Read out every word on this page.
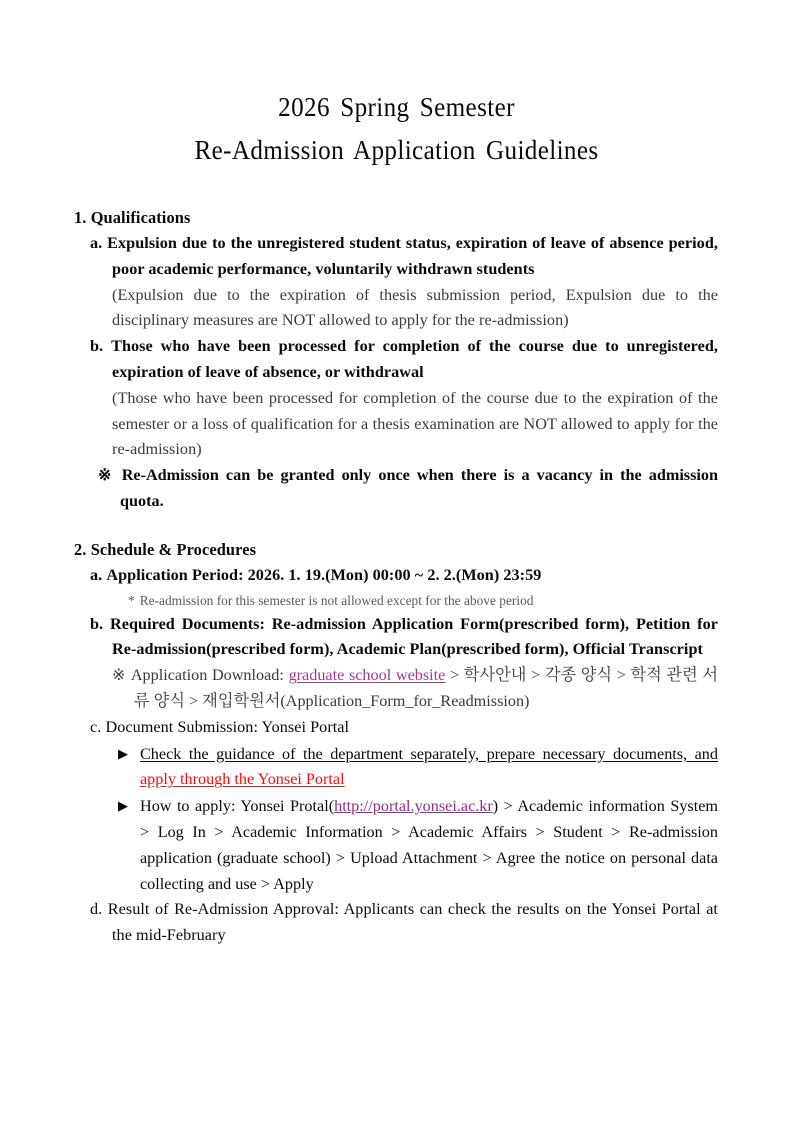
2026 Spring Semester
Re-Admission Application Guidelines
1. Qualifications
a. Expulsion due to the unregistered student status, expiration of leave of absence period, poor academic performance, voluntarily withdrawn students
(Expulsion due to the expiration of thesis submission period, Expulsion due to the disciplinary measures are NOT allowed to apply for the re-admission)
b. Those who have been processed for completion of the course due to unregistered, expiration of leave of absence, or withdrawal
(Those who have been processed for completion of the course due to the expiration of the semester or a loss of qualification for a thesis examination are NOT allowed to apply for the re-admission)
※ Re-Admission can be granted only once when there is a vacancy in the admission quota.
2. Schedule & Procedures
a. Application Period: 2026. 1. 19.(Mon) 00:00 ~ 2. 2.(Mon) 23:59
* Re-admission for this semester is not allowed except for the above period
b. Required Documents: Re-admission Application Form(prescribed form), Petition for Re-admission(prescribed form), Academic Plan(prescribed form), Official Transcript
※ Application Download: graduate school website > 학사안내 > 각종 양식 > 학적 관련 서류 양식 > 재입학원서(Application_Form_for_Readmission)
c. Document Submission: Yonsei Portal
▶ Check the guidance of the department separately, prepare necessary documents, and apply through the Yonsei Portal
▶ How to apply: Yonsei Protal(http://portal.yonsei.ac.kr) > Academic information System > Log In > Academic Information > Academic Affairs > Student > Re-admission application (graduate school) > Upload Attachment > Agree the notice on personal data collecting and use > Apply
d. Result of Re-Admission Approval: Applicants can check the results on the Yonsei Portal at the mid-February
